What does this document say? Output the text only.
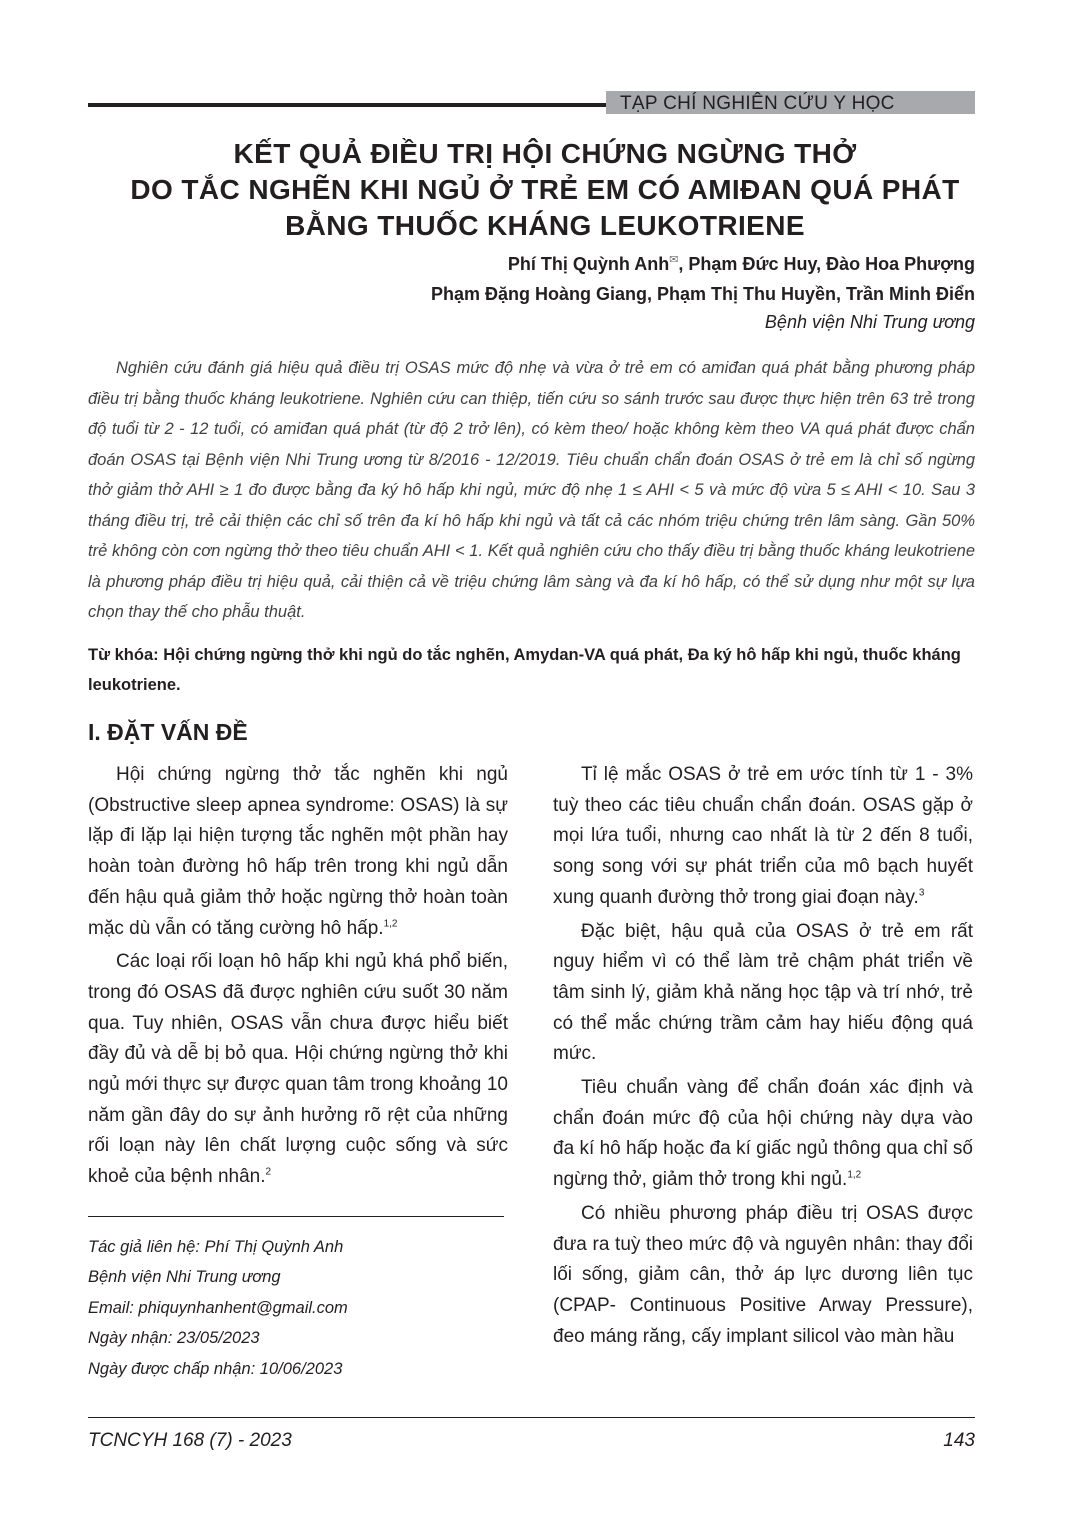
TẠP CHÍ NGHIÊN CỨU Y HỌC
KẾT QUẢ ĐIỀU TRỊ HỘI CHỨNG NGỪNG THỞ
DO TẮC NGHẼN KHI NGỦ Ở TRẺ EM CÓ AMIĐAN QUÁ PHÁT
BẰNG THUỐC KHÁNG LEUKOTRIENE
Phí Thị Quỳnh Anh✉, Phạm Đức Huy, Đào Hoa Phượng
Phạm Đặng Hoàng Giang, Phạm Thị Thu Huyền, Trần Minh Điển
Bệnh viện Nhi Trung ương

Nghiên cứu đánh giá hiệu quả điều trị OSAS mức độ nhẹ và vừa ở trẻ em có amiđan quá phát bằng phương pháp điều trị bằng thuốc kháng leukotriene. Nghiên cứu can thiệp, tiến cứu so sánh trước sau được thực hiện trên 63 trẻ trong độ tuổi từ 2 - 12 tuổi, có amiđan quá phát (từ độ 2 trở lên), có kèm theo/ hoặc không kèm theo VA quá phát được chẩn đoán OSAS tại Bệnh viện Nhi Trung ương từ 8/2016 - 12/2019. Tiêu chuẩn chẩn đoán OSAS ở trẻ em là chỉ số ngừng thở giảm thở AHI ≥ 1 đo được bằng đa ký hô hấp khi ngủ, mức độ nhẹ 1 ≤ AHI < 5 và mức độ vừa 5 ≤ AHI < 10. Sau 3 tháng điều trị, trẻ cải thiện các chỉ số trên đa kí hô hấp khi ngủ và tất cả các nhóm triệu chứng trên lâm sàng. Gần 50% trẻ không còn cơn ngừng thở theo tiêu chuẩn AHI < 1. Kết quả nghiên cứu cho thấy điều trị bằng thuốc kháng leukotriene là phương pháp điều trị hiệu quả, cải thiện cả về triệu chứng lâm sàng và đa kí hô hấp, có thể sử dụng như một sự lựa chọn thay thế cho phẫu thuật.

Từ khóa: Hội chứng ngừng thở khi ngủ do tắc nghẽn, Amydan-VA quá phát, Đa ký hô hấp khi ngủ, thuốc kháng leukotriene.

I. ĐẶT VẤN ĐỀ

Hội chứng ngừng thở tắc nghẽn khi ngủ (Obstructive sleep apnea syndrome: OSAS) là sự lặp đi lặp lại hiện tượng tắc nghẽn một phần hay hoàn toàn đường hô hấp trên trong khi ngủ dẫn đến hậu quả giảm thở hoặc ngừng thở hoàn toàn mặc dù vẫn có tăng cường hô hấp.$^{1,2}$

Các loại rối loạn hô hấp khi ngủ khá phổ biến, trong đó OSAS đã được nghiên cứu suốt 30 năm qua. Tuy nhiên, OSAS vẫn chưa được hiểu biết đầy đủ và dễ bị bỏ qua. Hội chứng ngừng thở khi ngủ mới thực sự được quan tâm trong khoảng 10 năm gần đây do sự ảnh hưởng rõ rệt của những rối loạn này lên chất lượng cuộc sống và sức khoẻ của bệnh nhân.$^2$

Tỉ lệ mắc OSAS ở trẻ em ước tính từ 1 - 3% tuỳ theo các tiêu chuẩn chẩn đoán. OSAS gặp ở mọi lứa tuổi, nhưng cao nhất là từ 2 đến 8 tuổi, song song với sự phát triển của mô bạch huyết xung quanh đường thở trong giai đoạn này.$^3$

Đặc biệt, hậu quả của OSAS ở trẻ em rất nguy hiểm vì có thể làm trẻ chậm phát triển về tâm sinh lý, giảm khả năng học tập và trí nhớ, trẻ có thể mắc chứng trầm cảm hay hiếu động quá mức.

Tiêu chuẩn vàng để chẩn đoán xác định và chẩn đoán mức độ của hội chứng này dựa vào đa kí hô hấp hoặc đa kí giấc ngủ thông qua chỉ số ngừng thở, giảm thở trong khi ngủ.$^{1,2}$

Có nhiều phương pháp điều trị OSAS được đưa ra tuỳ theo mức độ và nguyên nhân: thay đổi lối sống, giảm cân, thở áp lực dương liên tục (CPAP- Continuous Positive Arway Pressure), đeo máng răng, cấy implant silicol vào màn hầu

Tác giả liên hệ: Phí Thị Quỳnh Anh
Bệnh viện Nhi Trung ương
Email: phiquynhanhent@gmail.com
Ngày nhận: 23/05/2023
Ngày được chấp nhận: 10/06/2023
TCNCYH 168 (7) - 2023	143
